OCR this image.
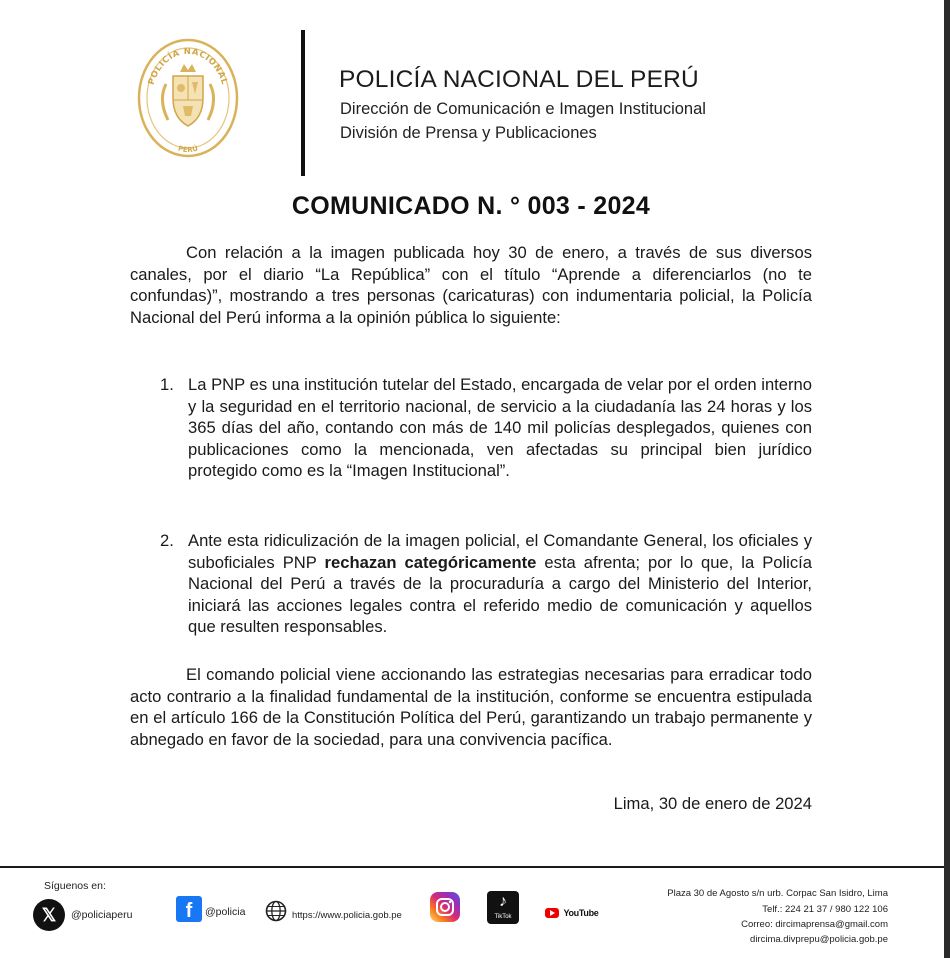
POLICÍA NACIONAL
PERÚ
POLICÍA NACIONAL DEL PERÚ
Dirección de Comunicación e Imagen Institucional
División de Prensa y Publicaciones
COMUNICADO N. ° 003 - 2024
Con relación a la imagen publicada hoy 30 de enero, a través de sus diversos canales, por el diario “La República” con el título “Aprende a diferenciarlos (no te confundas)”, mostrando a tres personas (caricaturas) con indumentaria policial, la Policía Nacional del Perú informa a la opinión pública lo siguiente:
1. La PNP es una institución tutelar del Estado, encargada de velar por el orden interno y la seguridad en el territorio nacional, de servicio a la ciudadanía las 24 horas y los 365 días del año, contando con más de 140 mil policías desplegados, quienes con publicaciones como la mencionada, ven afectadas su principal bien jurídico protegido como es la “Imagen Institucional”.
2. Ante esta ridiculización de la imagen policial, el Comandante General, los oficiales y suboficiales PNP rechazan categóricamente esta afrenta; por lo que, la Policía Nacional del Perú a través de la procuraduría a cargo del Ministerio del Interior, iniciará las acciones legales contra el referido medio de comunicación y aquellos que resulten responsables.
El comando policial viene accionando las estrategias necesarias para erradicar todo acto contrario a la finalidad fundamental de la institución, conforme se encuentra estipulada en el artículo 166 de la Constitución Política del Perú, garantizando un trabajo permanente y abnegado en favor de la sociedad, para una convivencia pacífica.
Lima, 30 de enero de 2024
Síguenos en:
𝕏	@policiaperu	f	@policia	https://www.policia.gob.pe
♪
TikTok	YouTube
Plaza 30 de Agosto s/n urb. Corpac San Isidro, Lima
Telf.: 224 21 37 / 980 122 106
Correo: dircimaprensa@gmail.com
dircima.divprepu@policia.gob.pe
